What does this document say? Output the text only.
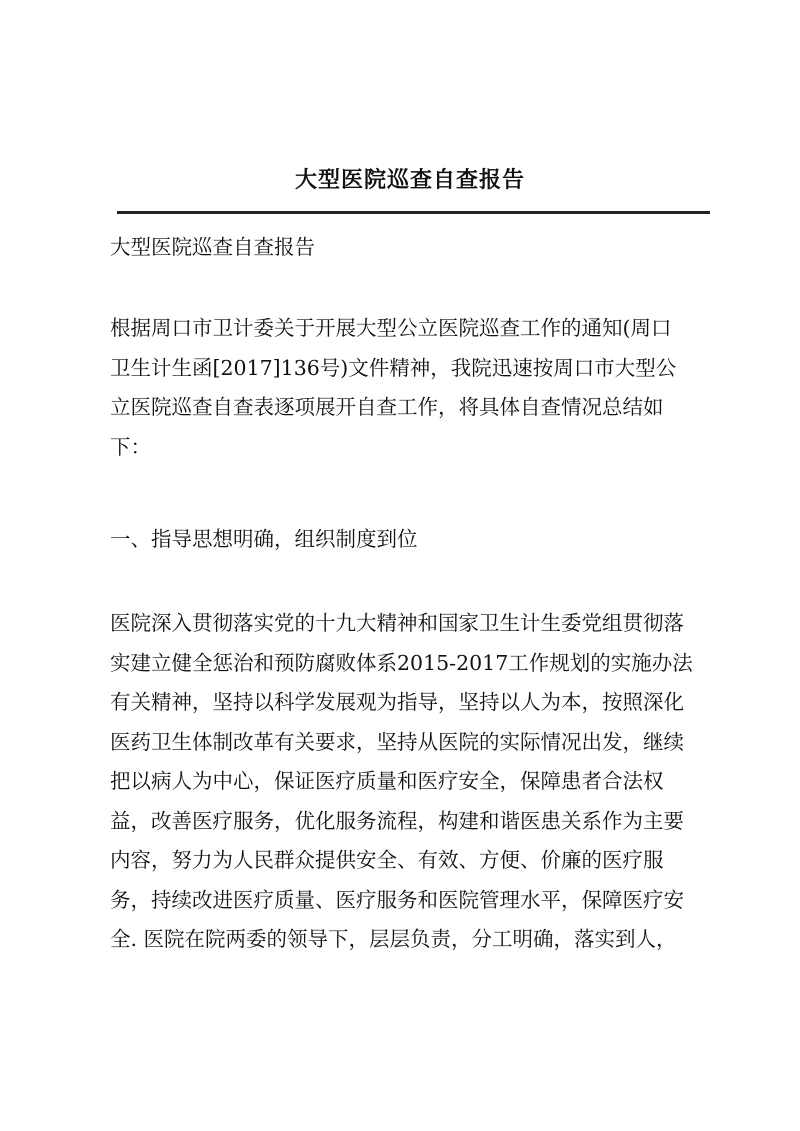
大型医院巡查自查报告
大型医院巡查自查报告
根据周口市卫计委关于开展大型公立医院巡查工作的通知(周口
卫生计生函[2017]136号)文件精神，我院迅速按周口市大型公
立医院巡查自查表逐项展开自查工作，将具体自查情况总结如
下：
一、指导思想明确，组织制度到位
医院深入贯彻落实党的十九大精神和国家卫生计生委党组贯彻落
实建立健全惩治和预防腐败体系2015-2017工作规划的实施办法
有关精神，坚持以科学发展观为指导，坚持以人为本，按照深化
医药卫生体制改革有关要求，坚持从医院的实际情况出发，继续
把以病人为中心，保证医疗质量和医疗安全，保障患者合法权
益，改善医疗服务，优化服务流程，构建和谐医患关系作为主要
内容，努力为人民群众提供安全、有效、方便、价廉的医疗服
务，持续改进医疗质量、医疗服务和医院管理水平，保障医疗安
全. 医院在院两委的领导下，层层负责，分工明确，落实到人，
